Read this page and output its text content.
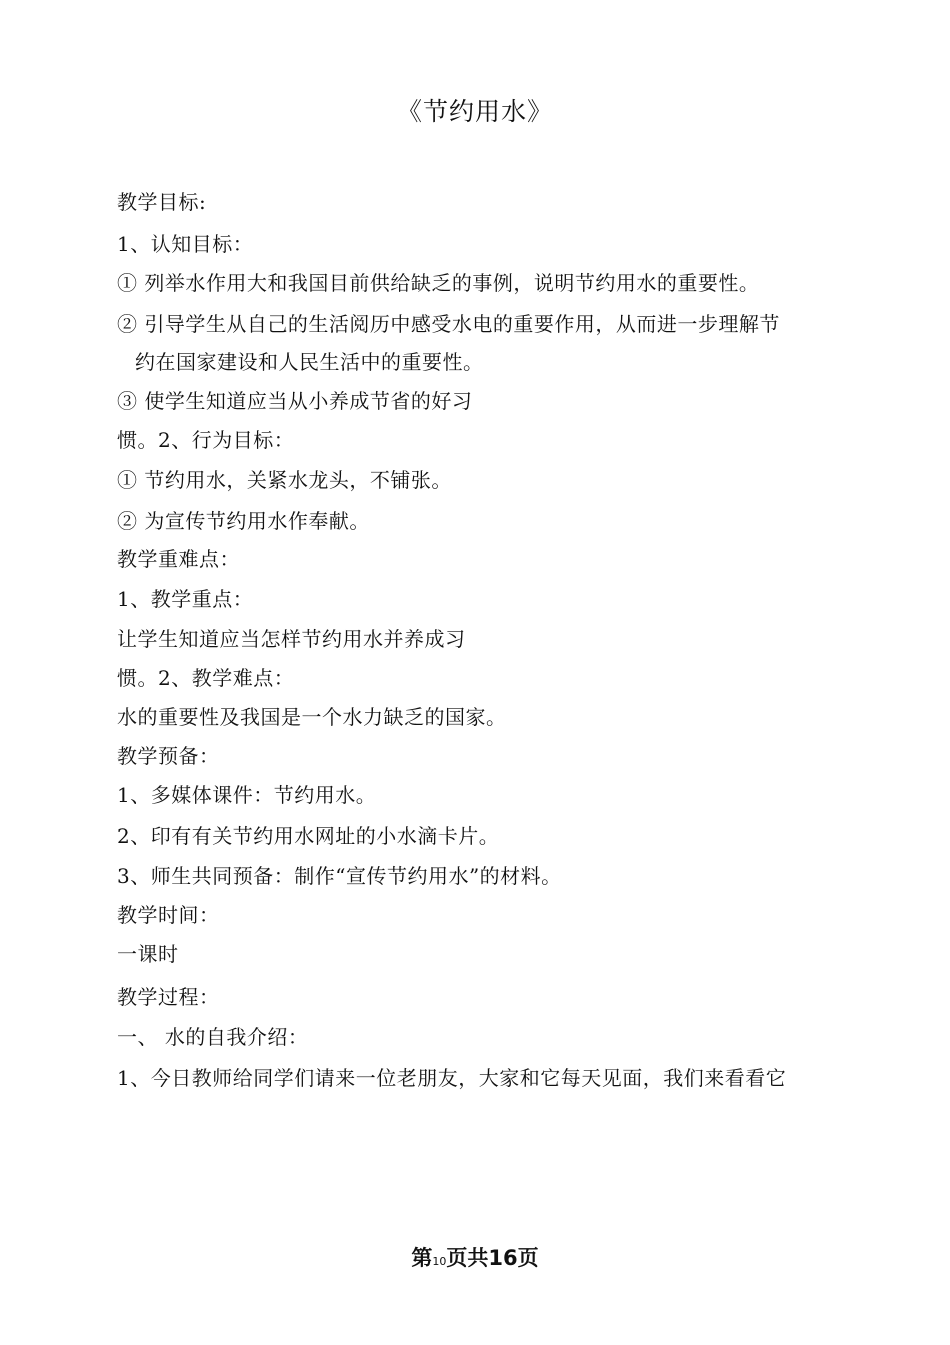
《节约用水》
教学目标:
1、认知目标：
① 列举水作用大和我国目前供给缺乏的事例，说明节约用水的重要性。
② 引导学生从自己的生活阅历中感受水电的重要作用，从而进一步理解节
约在国家建设和人民生活中的重要性。
③ 使学生知道应当从小养成节省的好习
惯。2、行为目标：
① 节约用水，关紧水龙头，不铺张。
② 为宣传节约用水作奉献。
教学重难点：
1、教学重点：
让学生知道应当怎样节约用水并养成习
惯。2、教学难点：
水的重要性及我国是一个水力缺乏的国家。
教学预备：
1、多媒体课件：节约用水。
2、印有有关节约用水网址的小水滴卡片。
3、师生共同预备：制作“宣传节约用水”的材料。
教学时间：
一课时
教学过程：
一、 水的自我介绍：
1、今日教师给同学们请来一位老朋友，大家和它每天见面，我们来看看它
第10页共16页
